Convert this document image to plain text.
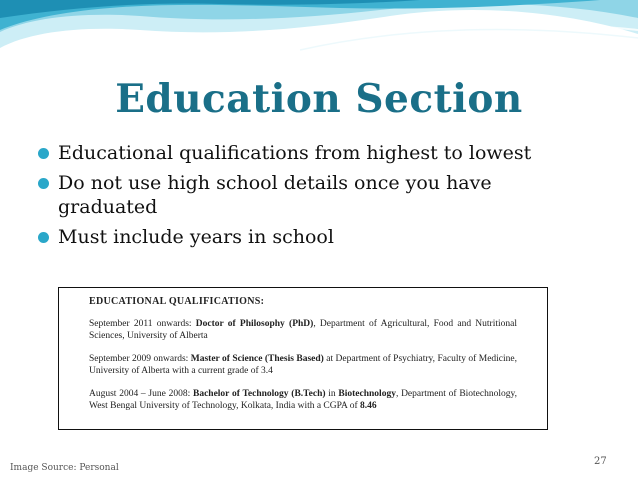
Education Section
Educational qualifications from highest to lowest
Do not use high school details once you have graduated
Must include years in school
EDUCATIONAL QUALIFICATIONS:

September 2011 onwards: Doctor of Philosophy (PhD), Department of Agricultural, Food and Nutritional Sciences, University of Alberta

September 2009 onwards: Master of Science (Thesis Based) at Department of Psychiatry, Faculty of Medicine, University of Alberta with a current grade of 3.4

August 2004 – June 2008: Bachelor of Technology (B.Tech) in Biotechnology, Department of Biotechnology, West Bengal University of Technology, Kolkata, India with a CGPA of 8.46

Image Source: Personal
27
